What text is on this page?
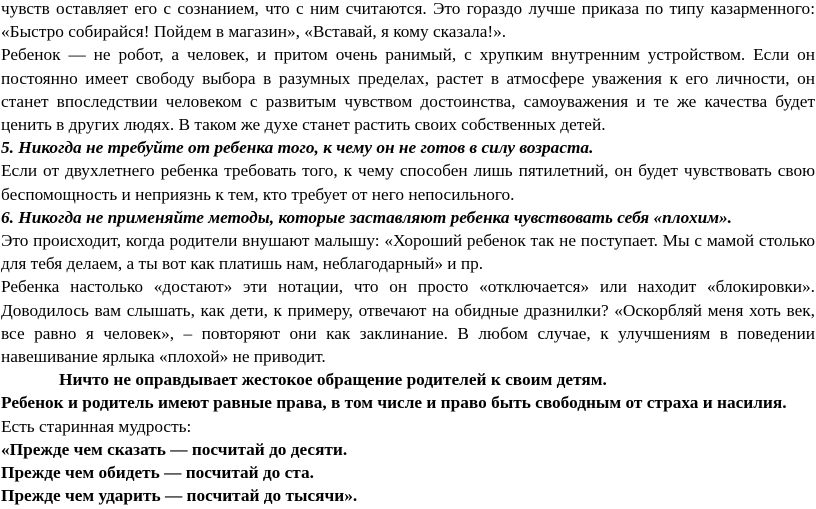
чувств оставляет его с сознанием, что с ним считаются. Это гораздо лучше приказа по типу казарменного: «Быстро собирайся! Пойдем в магазин», «Вставай, я кому сказала!».

Ребенок — не робот, а человек, и притом очень ранимый, с хрупким внутренним устройством. Если он постоянно имеет свободу выбора в разумных пределах, растет в атмосфере уважения к его личности, он станет впоследствии человеком с развитым чувством достоинства, самоуважения и те же качества будет ценить в других людях. В таком же духе станет растить своих собственных детей.

5. Никогда не требуйте от ребенка того, к чему он не готов в силу возраста.

Если от двухлетнего ребенка требовать того, к чему способен лишь пятилетний, он будет чувствовать свою беспомощность и неприязнь к тем, кто требует от него непосильного.

6. Никогда не применяйте методы, которые заставляют ребенка чувствовать себя «плохим».

Это происходит, когда родители внушают малышу: «Хороший ребенок так не поступает. Мы с мамой столько для тебя делаем, а ты вот как платишь нам, неблагодарный» и пр.

Ребенка настолько «достают» эти нотации, что он просто «отключается» или находит «блокировки». Доводилось вам слышать, как дети, к примеру, отвечают на обидные дразнилки? «Оскорбляй меня хоть век, все равно я человек», – повторяют они как заклинание. В любом случае, к улучшениям в поведении навешивание ярлыка «плохой» не приводит.

Ничто не оправдывает жестокое обращение родителей к своим детям.

Ребенок и родитель имеют равные права, в том числе и право быть свободным от страха и насилия.

Есть старинная мудрость:

«Прежде чем сказать — посчитай до десяти.

Прежде чем обидеть — посчитай до ста.

Прежде чем ударить — посчитай до тысячи».
